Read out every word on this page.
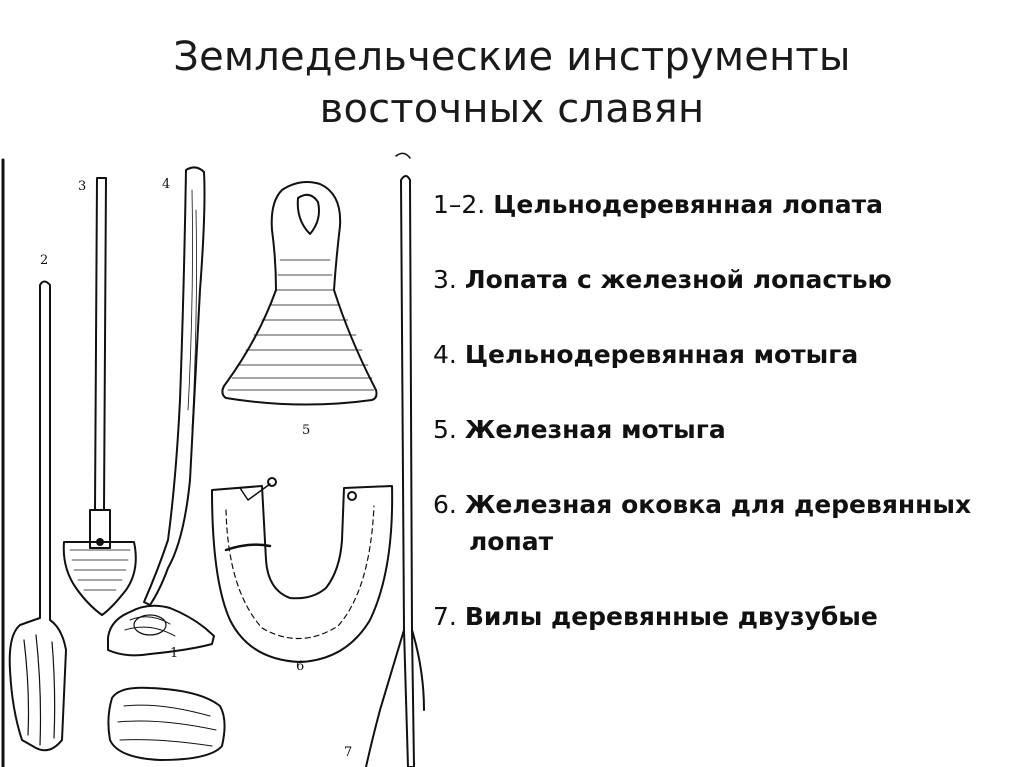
Земледельческие инструменты
восточных славян
1
2
3	4
5
6
7
1–2. Цельнодеревянная лопата
3. Лопата с железной лопастью
4. Цельнодеревянная мотыга
5. Железная мотыга
6. Железная оковка для деревянных
лопат
7. Вилы деревянные двузубые
